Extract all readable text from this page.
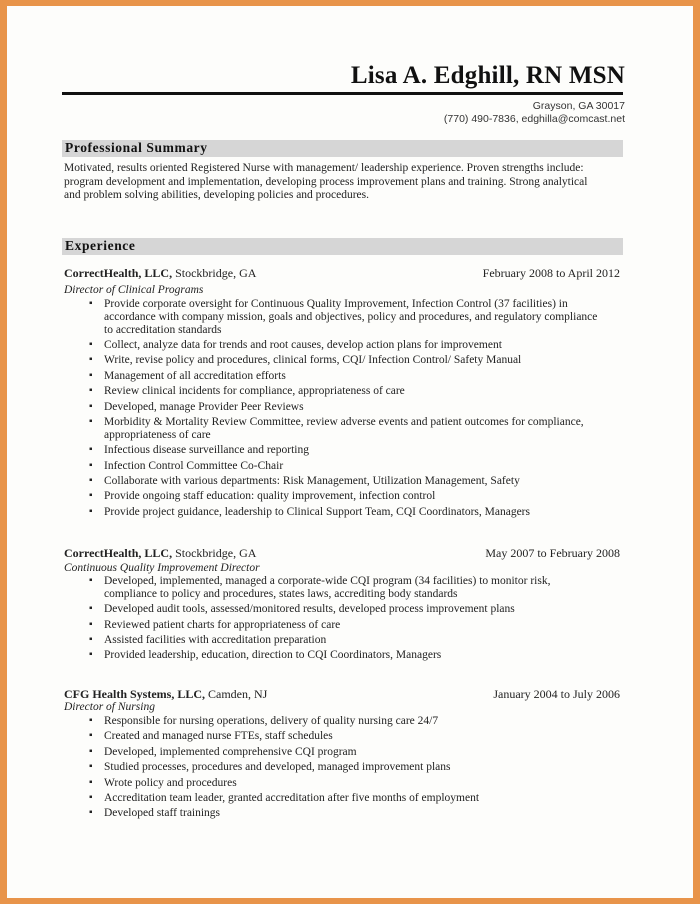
Lisa A. Edghill, RN MSN
Grayson, GA 30017
(770) 490-7836, edghilla@comcast.net
Professional Summary
Motivated, results oriented Registered Nurse with management/ leadership experience. Proven strengths include: program development and implementation, developing process improvement plans and training. Strong analytical and problem solving abilities, developing policies and procedures.
Experience
CorrectHealth, LLC, Stockbridge, GA	February 2008 to April 2012
Director of Clinical Programs
▪ Provide corporate oversight for Continuous Quality Improvement, Infection Control (37 facilities) in accordance with company mission, goals and objectives, policy and procedures, and regulatory compliance to accreditation standards
▪ Collect, analyze data for trends and root causes, develop action plans for improvement
▪ Write, revise policy and procedures, clinical forms, CQI/ Infection Control/ Safety Manual
▪ Management of all accreditation efforts
▪ Review clinical incidents for compliance, appropriateness of care
▪ Developed, manage Provider Peer Reviews
▪ Morbidity & Mortality Review Committee, review adverse events and patient outcomes for compliance, appropriateness of care
▪ Infectious disease surveillance and reporting
▪ Infection Control Committee Co-Chair
▪ Collaborate with various departments: Risk Management, Utilization Management, Safety
▪ Provide ongoing staff education: quality improvement, infection control
▪ Provide project guidance, leadership to Clinical Support Team, CQI Coordinators, Managers
CorrectHealth, LLC, Stockbridge, GA	May 2007 to February 2008
Continuous Quality Improvement Director
▪ Developed, implemented, managed a corporate-wide CQI program (34 facilities) to monitor risk, compliance to policy and procedures, states laws, accrediting body standards
▪ Developed audit tools, assessed/monitored results, developed process improvement plans
▪ Reviewed patient charts for appropriateness of care
▪ Assisted facilities with accreditation preparation
▪ Provided leadership, education, direction to CQI Coordinators, Managers
CFG Health Systems, LLC, Camden, NJ	January 2004 to July 2006
Director of Nursing
▪ Responsible for nursing operations, delivery of quality nursing care 24/7
▪ Created and managed nurse FTEs, staff schedules
▪ Developed, implemented comprehensive CQI program
▪ Studied processes, procedures and developed, managed improvement plans
▪ Wrote policy and procedures
▪ Accreditation team leader, granted accreditation after five months of employment
▪ Developed staff trainings
